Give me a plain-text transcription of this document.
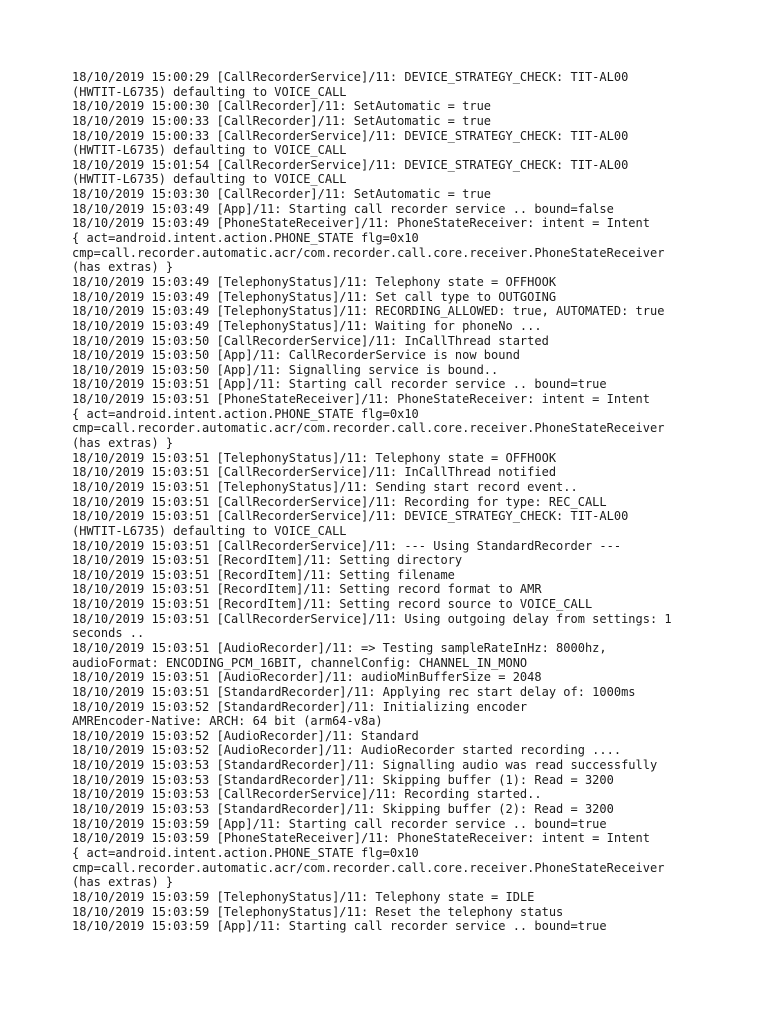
18/10/2019 15:00:29 [CallRecorderService]/11: DEVICE_STRATEGY_CHECK: TIT-AL00
(HWTIT-L6735) defaulting to VOICE_CALL
18/10/2019 15:00:30 [CallRecorder]/11: SetAutomatic = true
18/10/2019 15:00:33 [CallRecorder]/11: SetAutomatic = true
18/10/2019 15:00:33 [CallRecorderService]/11: DEVICE_STRATEGY_CHECK: TIT-AL00
(HWTIT-L6735) defaulting to VOICE_CALL
18/10/2019 15:01:54 [CallRecorderService]/11: DEVICE_STRATEGY_CHECK: TIT-AL00
(HWTIT-L6735) defaulting to VOICE_CALL
18/10/2019 15:03:30 [CallRecorder]/11: SetAutomatic = true
18/10/2019 15:03:49 [App]/11: Starting call recorder service .. bound=false
18/10/2019 15:03:49 [PhoneStateReceiver]/11: PhoneStateReceiver: intent = Intent
{ act=android.intent.action.PHONE_STATE flg=0x10
cmp=call.recorder.automatic.acr/com.recorder.call.core.receiver.PhoneStateReceiver
(has extras) }
18/10/2019 15:03:49 [TelephonyStatus]/11: Telephony state = OFFHOOK
18/10/2019 15:03:49 [TelephonyStatus]/11: Set call type to OUTGOING
18/10/2019 15:03:49 [TelephonyStatus]/11: RECORDING_ALLOWED: true, AUTOMATED: true
18/10/2019 15:03:49 [TelephonyStatus]/11: Waiting for phoneNo ...
18/10/2019 15:03:50 [CallRecorderService]/11: InCallThread started
18/10/2019 15:03:50 [App]/11: CallRecorderService is now bound
18/10/2019 15:03:50 [App]/11: Signalling service is bound..
18/10/2019 15:03:51 [App]/11: Starting call recorder service .. bound=true
18/10/2019 15:03:51 [PhoneStateReceiver]/11: PhoneStateReceiver: intent = Intent
{ act=android.intent.action.PHONE_STATE flg=0x10
cmp=call.recorder.automatic.acr/com.recorder.call.core.receiver.PhoneStateReceiver
(has extras) }
18/10/2019 15:03:51 [TelephonyStatus]/11: Telephony state = OFFHOOK
18/10/2019 15:03:51 [CallRecorderService]/11: InCallThread notified
18/10/2019 15:03:51 [TelephonyStatus]/11: Sending start record event..
18/10/2019 15:03:51 [CallRecorderService]/11: Recording for type: REC_CALL
18/10/2019 15:03:51 [CallRecorderService]/11: DEVICE_STRATEGY_CHECK: TIT-AL00
(HWTIT-L6735) defaulting to VOICE_CALL
18/10/2019 15:03:51 [CallRecorderService]/11: --- Using StandardRecorder ---
18/10/2019 15:03:51 [RecordItem]/11: Setting directory
18/10/2019 15:03:51 [RecordItem]/11: Setting filename
18/10/2019 15:03:51 [RecordItem]/11: Setting record format to AMR
18/10/2019 15:03:51 [RecordItem]/11: Setting record source to VOICE_CALL
18/10/2019 15:03:51 [CallRecorderService]/11: Using outgoing delay from settings: 1
seconds ..
18/10/2019 15:03:51 [AudioRecorder]/11: => Testing sampleRateInHz: 8000hz,
audioFormat: ENCODING_PCM_16BIT, channelConfig: CHANNEL_IN_MONO
18/10/2019 15:03:51 [AudioRecorder]/11: audioMinBufferSize = 2048
18/10/2019 15:03:51 [StandardRecorder]/11: Applying rec start delay of: 1000ms
18/10/2019 15:03:52 [StandardRecorder]/11: Initializing encoder
AMREncoder-Native: ARCH: 64 bit (arm64-v8a)
18/10/2019 15:03:52 [AudioRecorder]/11: Standard
18/10/2019 15:03:52 [AudioRecorder]/11: AudioRecorder started recording ....
18/10/2019 15:03:53 [StandardRecorder]/11: Signalling audio was read successfully
18/10/2019 15:03:53 [StandardRecorder]/11: Skipping buffer (1): Read = 3200
18/10/2019 15:03:53 [CallRecorderService]/11: Recording started..
18/10/2019 15:03:53 [StandardRecorder]/11: Skipping buffer (2): Read = 3200
18/10/2019 15:03:59 [App]/11: Starting call recorder service .. bound=true
18/10/2019 15:03:59 [PhoneStateReceiver]/11: PhoneStateReceiver: intent = Intent
{ act=android.intent.action.PHONE_STATE flg=0x10
cmp=call.recorder.automatic.acr/com.recorder.call.core.receiver.PhoneStateReceiver
(has extras) }
18/10/2019 15:03:59 [TelephonyStatus]/11: Telephony state = IDLE
18/10/2019 15:03:59 [TelephonyStatus]/11: Reset the telephony status
18/10/2019 15:03:59 [App]/11: Starting call recorder service .. bound=true
